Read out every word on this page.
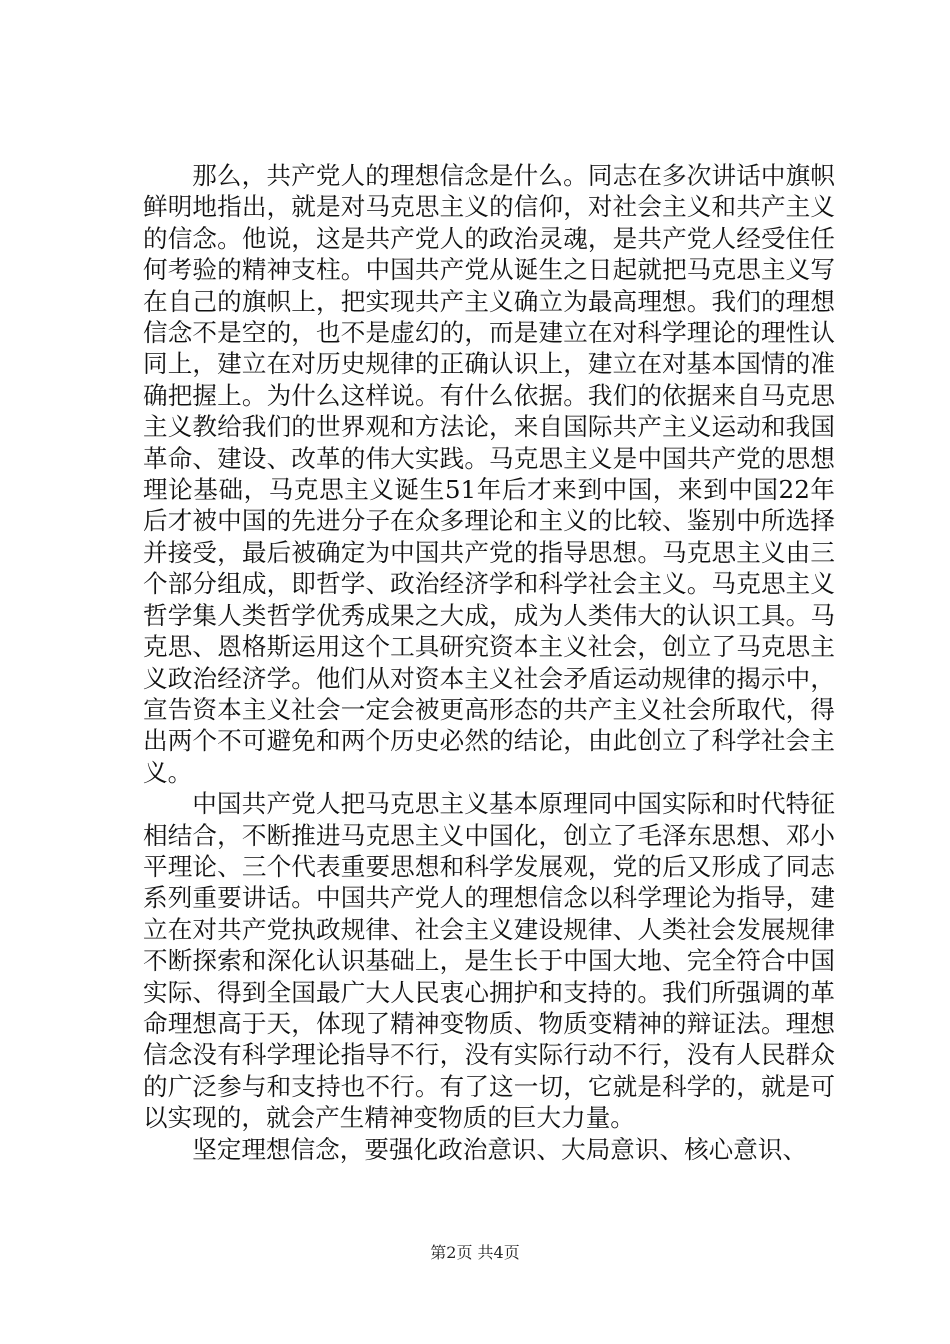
那么，共产党人的理想信念是什么。同志在多次讲话中旗帜鲜明地指出，就是对马克思主义的信仰，对社会主义和共产主义的信念。他说，这是共产党人的政治灵魂，是共产党人经受住任何考验的精神支柱。中国共产党从诞生之日起就把马克思主义写在自己的旗帜上，把实现共产主义确立为最高理想。我们的理想信念不是空的，也不是虚幻的，而是建立在对科学理论的理性认同上，建立在对历史规律的正确认识上，建立在对基本国情的准确把握上。为什么这样说。有什么依据。我们的依据来自马克思主义教给我们的世界观和方法论，来自国际共产主义运动和我国革命、建设、改革的伟大实践。马克思主义是中国共产党的思想理论基础，马克思主义诞生51年后才来到中国，来到中国22年后才被中国的先进分子在众多理论和主义的比较、鉴别中所选择并接受，最后被确定为中国共产党的指导思想。马克思主义由三个部分组成，即哲学、政治经济学和科学社会主义。马克思主义哲学集人类哲学优秀成果之大成，成为人类伟大的认识工具。马克思、恩格斯运用这个工具研究资本主义社会，创立了马克思主义政治经济学。他们从对资本主义社会矛盾运动规律的揭示中，宣告资本主义社会一定会被更高形态的共产主义社会所取代，得出两个不可避免和两个历史必然的结论，由此创立了科学社会主义。

中国共产党人把马克思主义基本原理同中国实际和时代特征相结合，不断推进马克思主义中国化，创立了毛泽东思想、邓小平理论、三个代表重要思想和科学发展观，党的后又形成了同志系列重要讲话。中国共产党人的理想信念以科学理论为指导，建立在对共产党执政规律、社会主义建设规律、人类社会发展规律不断探索和深化认识基础上，是生长于中国大地、完全符合中国实际、得到全国最广大人民衷心拥护和支持的。我们所强调的革命理想高于天，体现了精神变物质、物质变精神的辩证法。理想信念没有科学理论指导不行，没有实际行动不行，没有人民群众的广泛参与和支持也不行。有了这一切，它就是科学的，就是可以实现的，就会产生精神变物质的巨大力量。

坚定理想信念，要强化政治意识、大局意识、核心意识、

第2页 共4页
